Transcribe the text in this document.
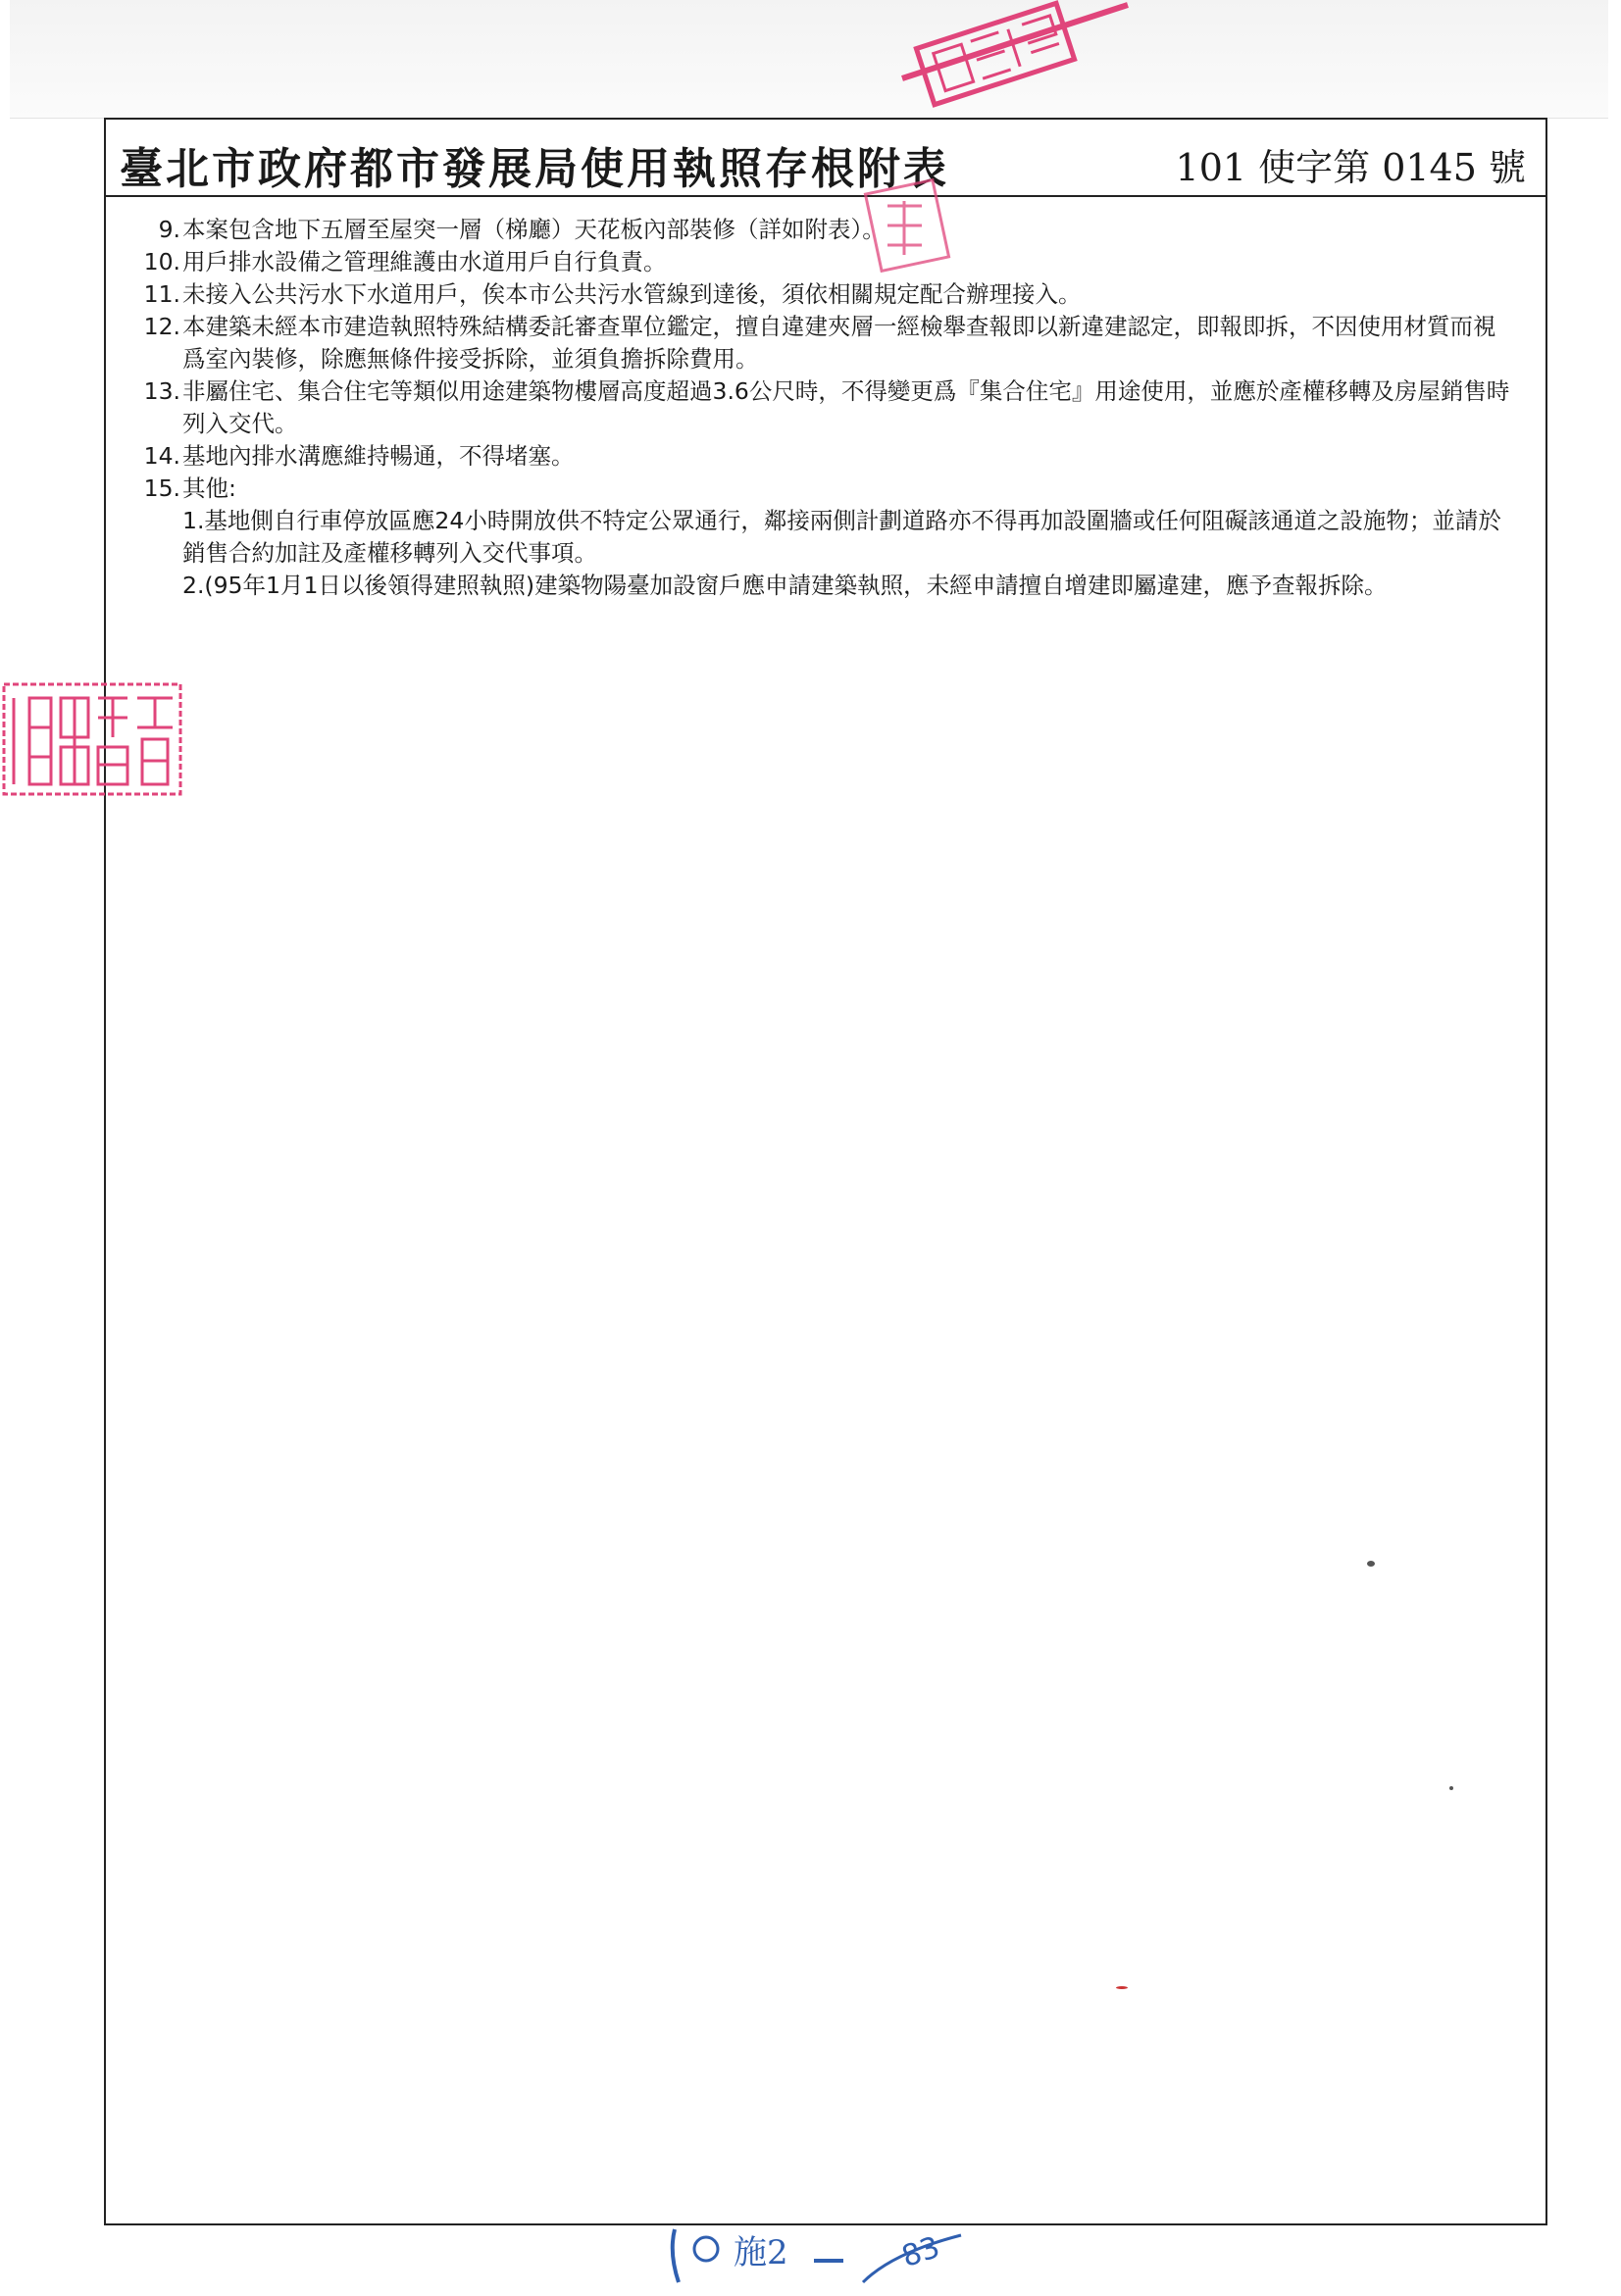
臺北市政府都市發展局使用執照存根附表	101 使字第 0145 號
9. 本案包含地下五層至屋突一層（梯廳）天花板內部裝修（詳如附表）。
10. 用戶排水設備之管理維護由水道用戶自行負責。
11. 未接入公共污水下水道用戶，俟本市公共污水管線到達後，須依相關規定配合辦理接入。
12. 本建築未經本市建造執照特殊結構委託審查單位鑑定，擅自違建夾層一經檢舉查報即以新違建認定，即報即拆，不因使用材質而視爲室內裝修，除應無條件接受拆除，並須負擔拆除費用。
13. 非屬住宅、集合住宅等類似用途建築物樓層高度超過3.6公尺時，不得變更爲『集合住宅』用途使用，並應於產權移轉及房屋銷售時列入交代。
14. 基地內排水溝應維持暢通，不得堵塞。
15. 其他:
1.基地側自行車停放區應24小時開放供不特定公眾通行，鄰接兩側計劃道路亦不得再加設圍牆或任何阻礙該通道之設施物；並請於銷售合約加註及產權移轉列入交代事項。
2.(95年1月1日以後領得建照執照)建築物陽臺加設窗戶應申請建築執照，未經申請擅自增建即屬違建，應予查報拆除。
施2	83
